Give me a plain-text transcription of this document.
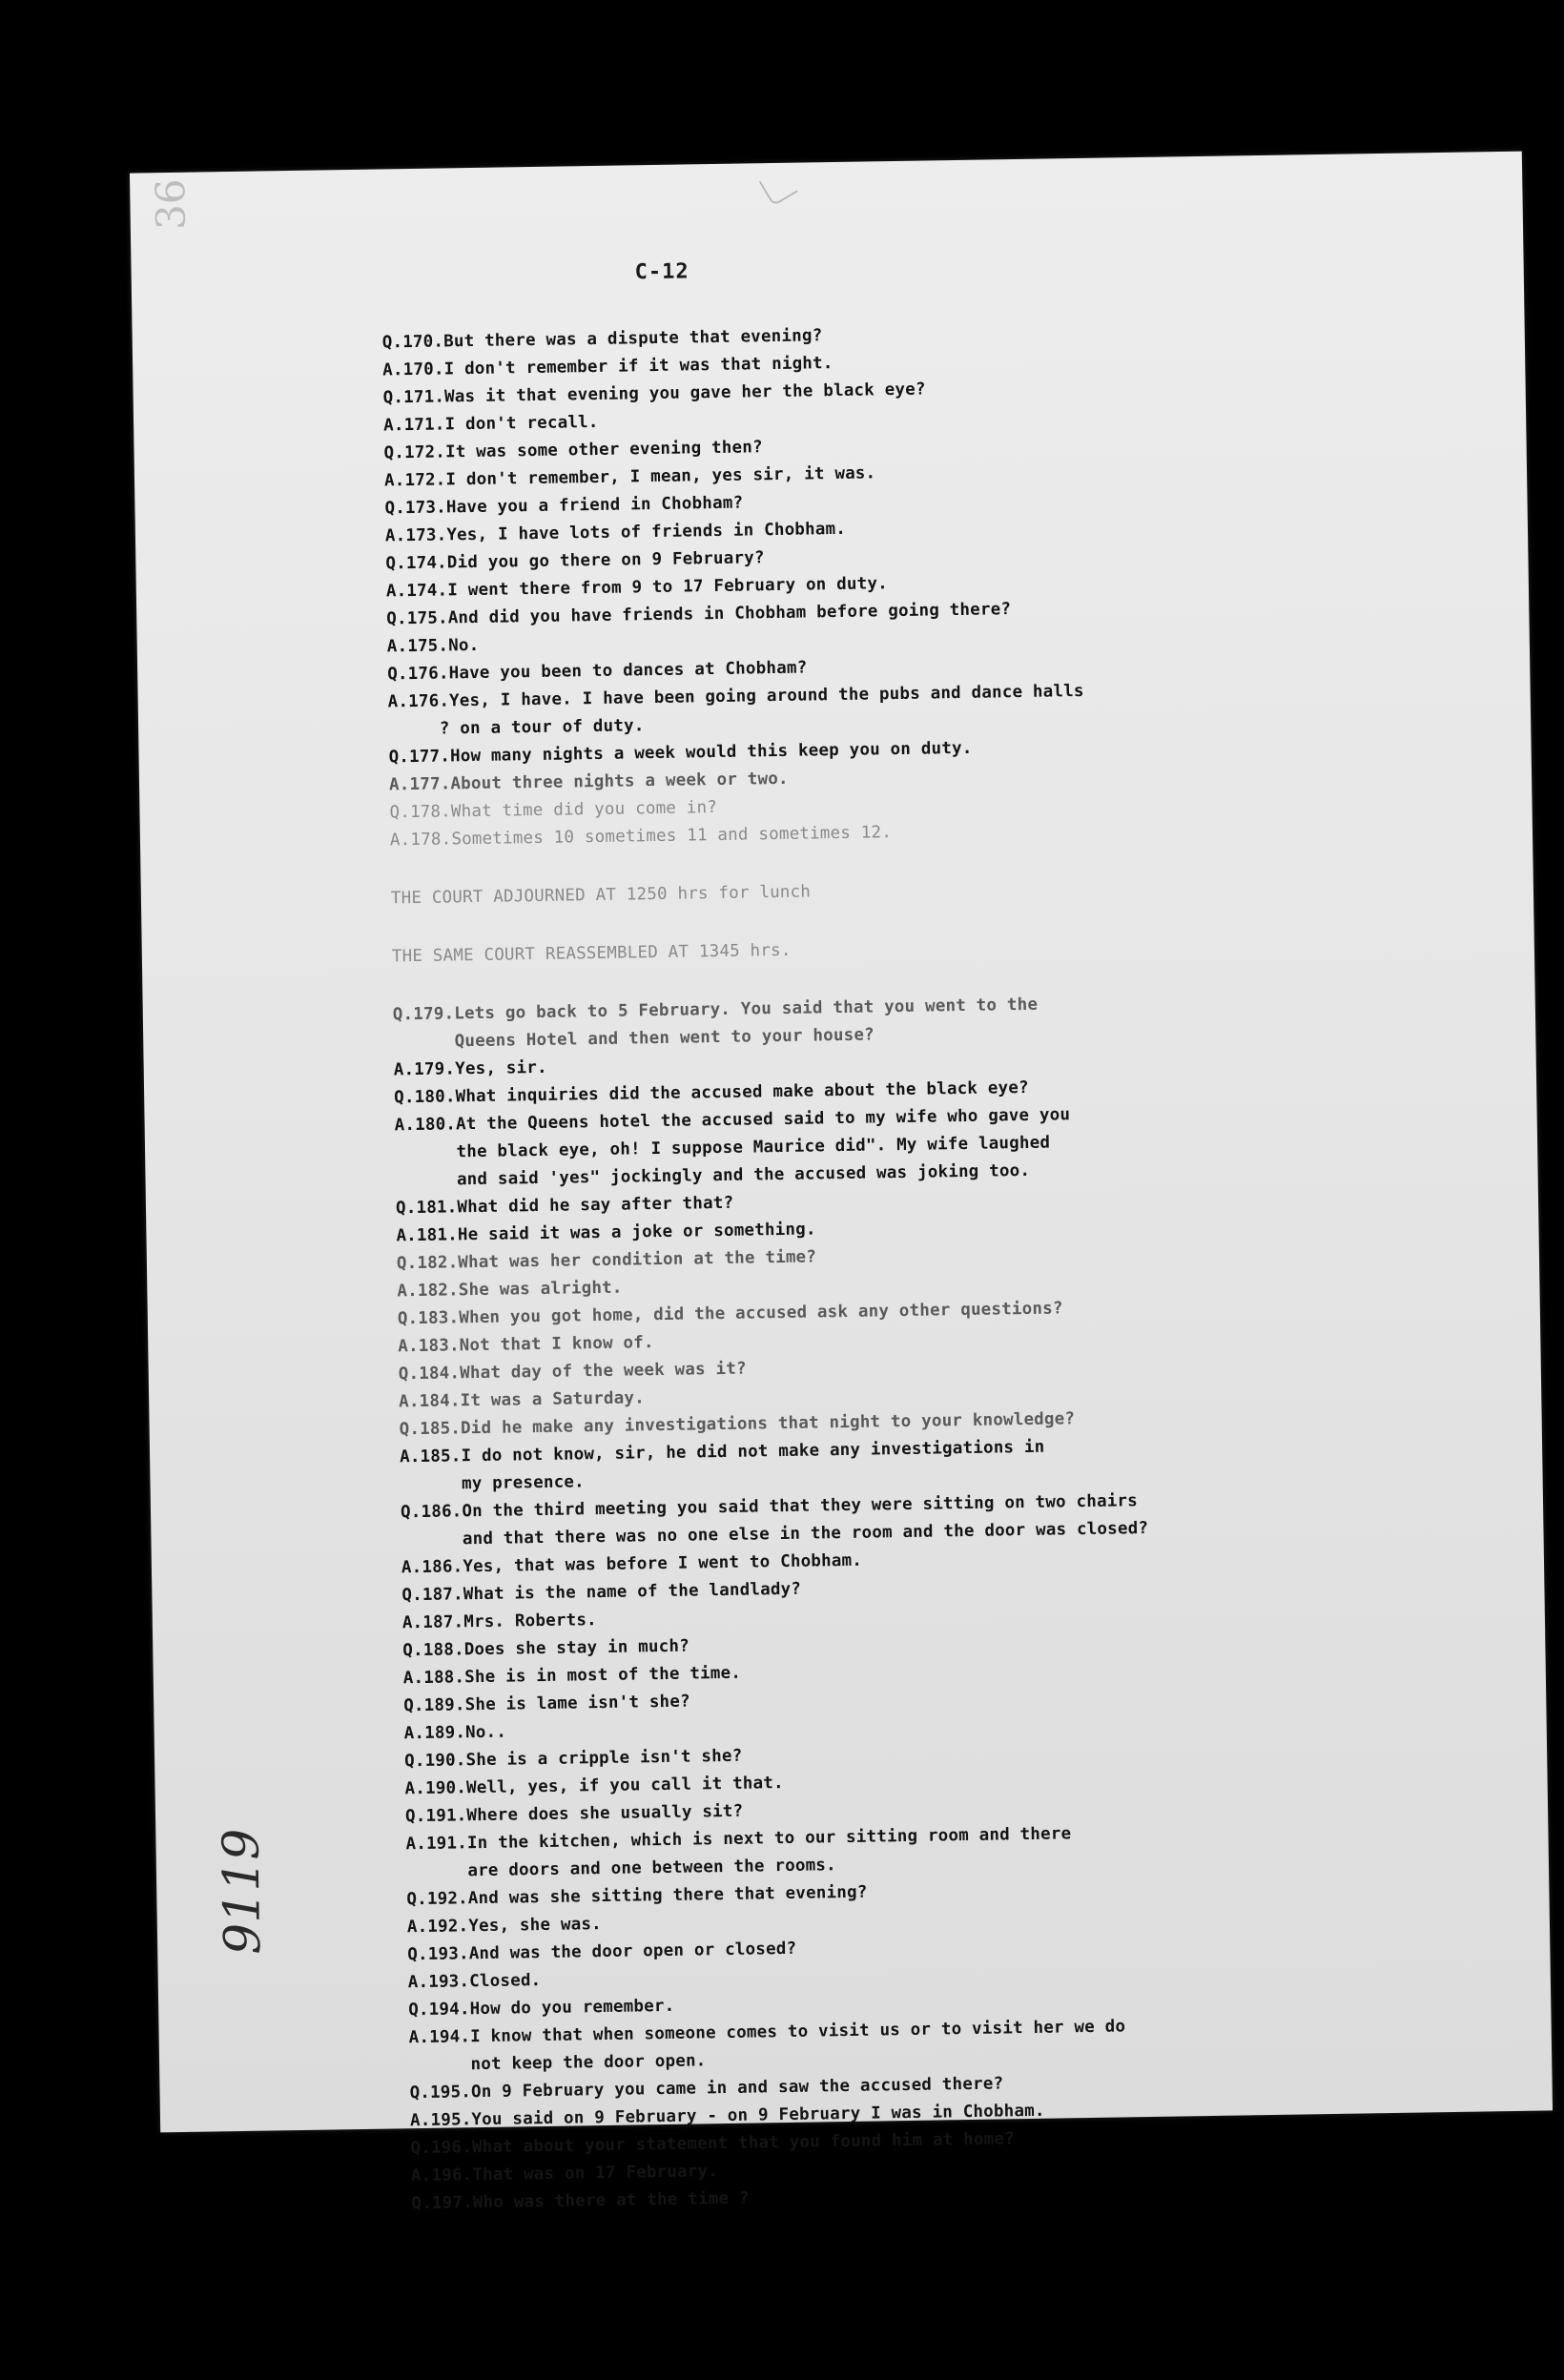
36
C-12
Q.170.But there was a dispute that evening?
A.170.I don't remember if it was that night.
Q.171.Was it that evening you gave her the black eye?
A.171.I don't recall.
Q.172.It was some other evening then?
A.172.I don't remember, I mean, yes sir, it was.
Q.173.Have you a friend in Chobham?
A.173.Yes, I have lots of friends in Chobham.
Q.174.Did you go there on 9 February?
A.174.I went there from 9 to 17 February on duty.
Q.175.And did you have friends in Chobham before going there?
A.175.No.
Q.176.Have you been to dances at Chobham?
A.176.Yes, I have. I have been going around the pubs and dance halls
? on a tour of duty.
Q.177.How many nights a week would this keep you on duty.
A.177.About three nights a week or two.
Q.178.What time did you come in?
A.178.Sometimes 10 sometimes 11 and sometimes 12.
THE COURT ADJOURNED AT 1250 hrs for lunch
THE SAME COURT REASSEMBLED AT 1345 hrs.
Q.179.Lets go back to 5 February. You said that you went to the
Queens Hotel and then went to your house?
A.179.Yes, sir.
Q.180.What inquiries did the accused make about the black eye?
A.180.At the Queens hotel the accused said to my wife who gave you
the black eye, oh! I suppose Maurice did". My wife laughed
and said 'yes" jockingly and the accused was joking too.
Q.181.What did he say after that?
A.181.He said it was a joke or something.
Q.182.What was her condition at the time?
A.182.She was alright.
Q.183.When you got home, did the accused ask any other questions?
A.183.Not that I know of.
Q.184.What day of the week was it?
A.184.It was a Saturday.
Q.185.Did he make any investigations that night to your knowledge?
A.185.I do not know, sir, he did not make any investigations in
my presence.
Q.186.On the third meeting you said that they were sitting on two chairs
and that there was no one else in the room and the door was closed?
A.186.Yes, that was before I went to Chobham.
Q.187.What is the name of the landlady?
A.187.Mrs. Roberts.
Q.188.Does she stay in much?
A.188.She is in most of the time.
Q.189.She is lame isn't she?
A.189.No..
Q.190.She is a cripple isn't she?
A.190.Well, yes, if you call it that.
Q.191.Where does she usually sit?
A.191.In the kitchen, which is next to our sitting room and there
are doors and one between the rooms.
Q.192.And was she sitting there that evening?
A.192.Yes, she was.
Q.193.And was the door open or closed?
A.193.Closed.
Q.194.How do you remember.
A.194.I know that when someone comes to visit us or to visit her we do
not keep the door open.
Q.195.On 9 February you came in and saw the accused there?
A.195.You said on 9 February - on 9 February I was in Chobham.
Q.196.What about your statement that you found him at home?
A.196.That was on 17 February.
Q.197.Who was there at the time ?
9119
